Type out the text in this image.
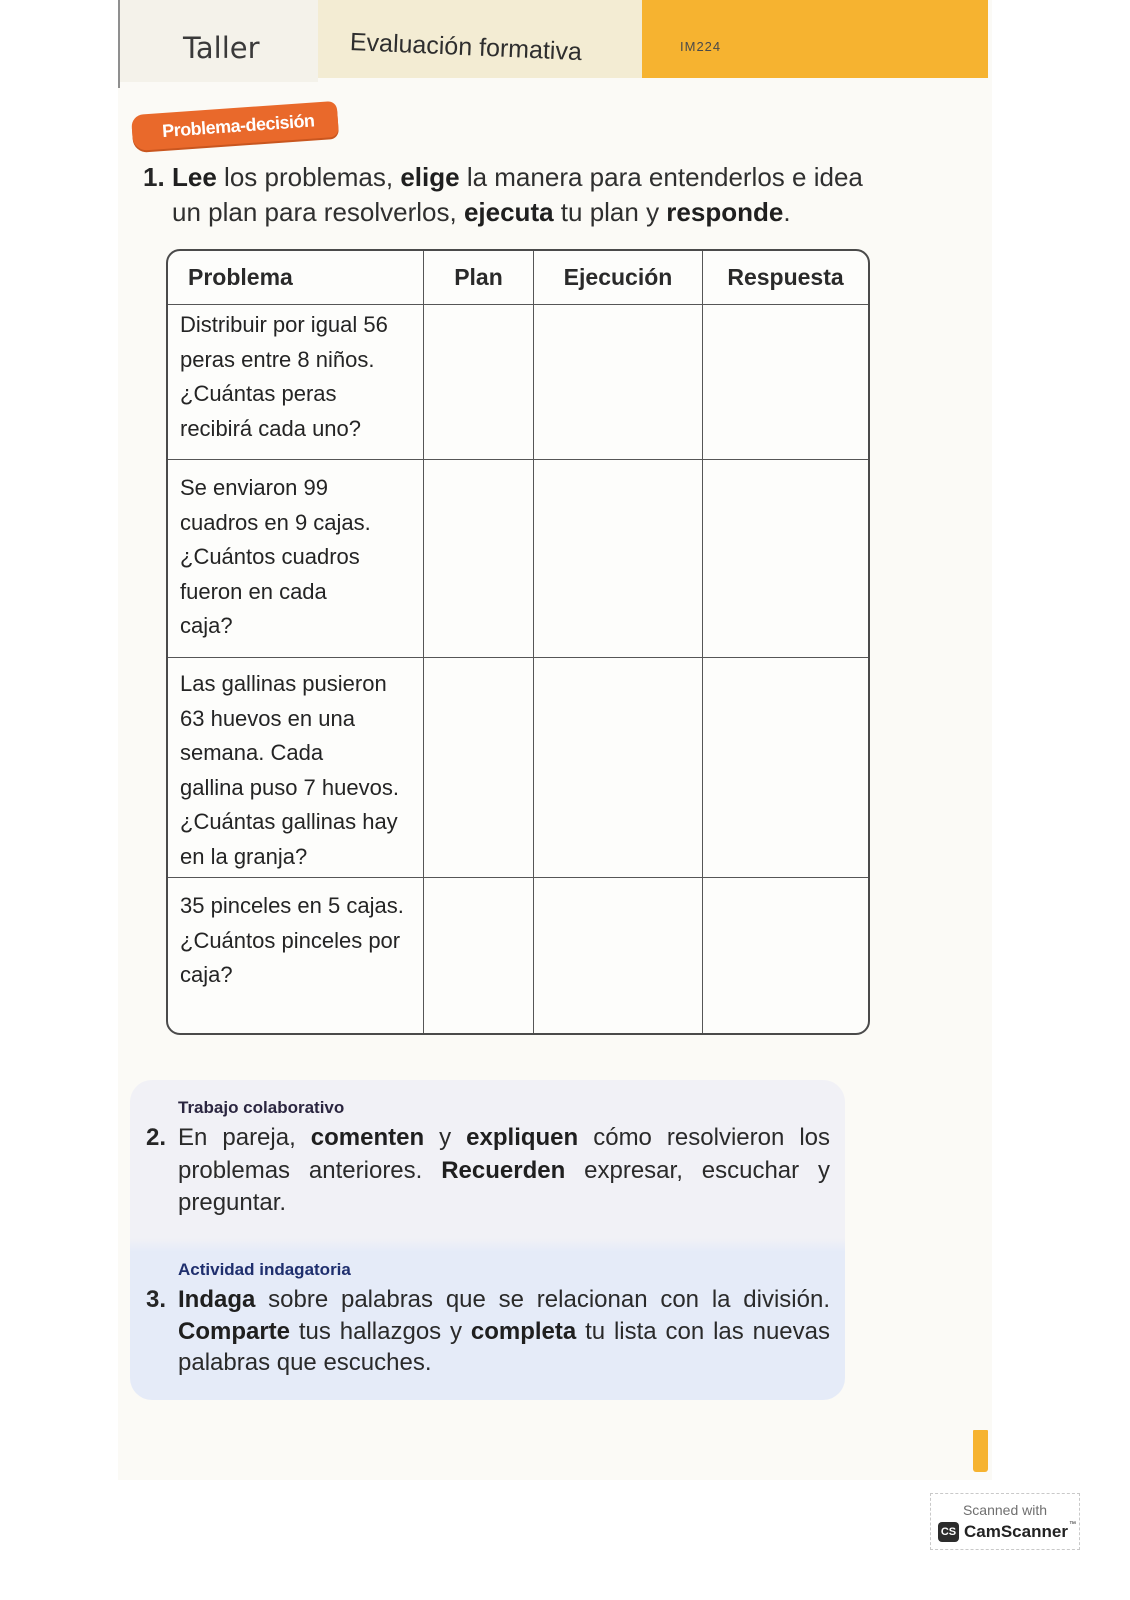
Taller	Evaluación formativa	IM224
Problema-decisión
1. Lee los problemas, elige la manera para entenderlos e idea
un plan para resolverlos, ejecuta tu plan y responde.
Problema	Plan	Ejecución	Respuesta
Distribuir por igual 56
peras entre 8 niños.
¿Cuántas peras
recibirá cada uno?
Se enviaron 99
cuadros en 9 cajas.
¿Cuántos cuadros
fueron en cada
caja?
Las gallinas pusieron
63 huevos en una
semana. Cada
gallina puso 7 huevos.
¿Cuántas gallinas hay
en la granja?
35 pinceles en 5 cajas.
¿Cuántos pinceles por
caja?
Trabajo colaborativo
2. En pareja, comenten y expliquen cómo resolvieron los
problemas anteriores. Recuerden expresar, escuchar y
preguntar.
Actividad indagatoria
3. Indaga sobre palabras que se relacionan con la división.
Comparte tus hallazgos y completa tu lista con las nuevas
palabras que escuches.
Scanned with
CS CamScanner™
